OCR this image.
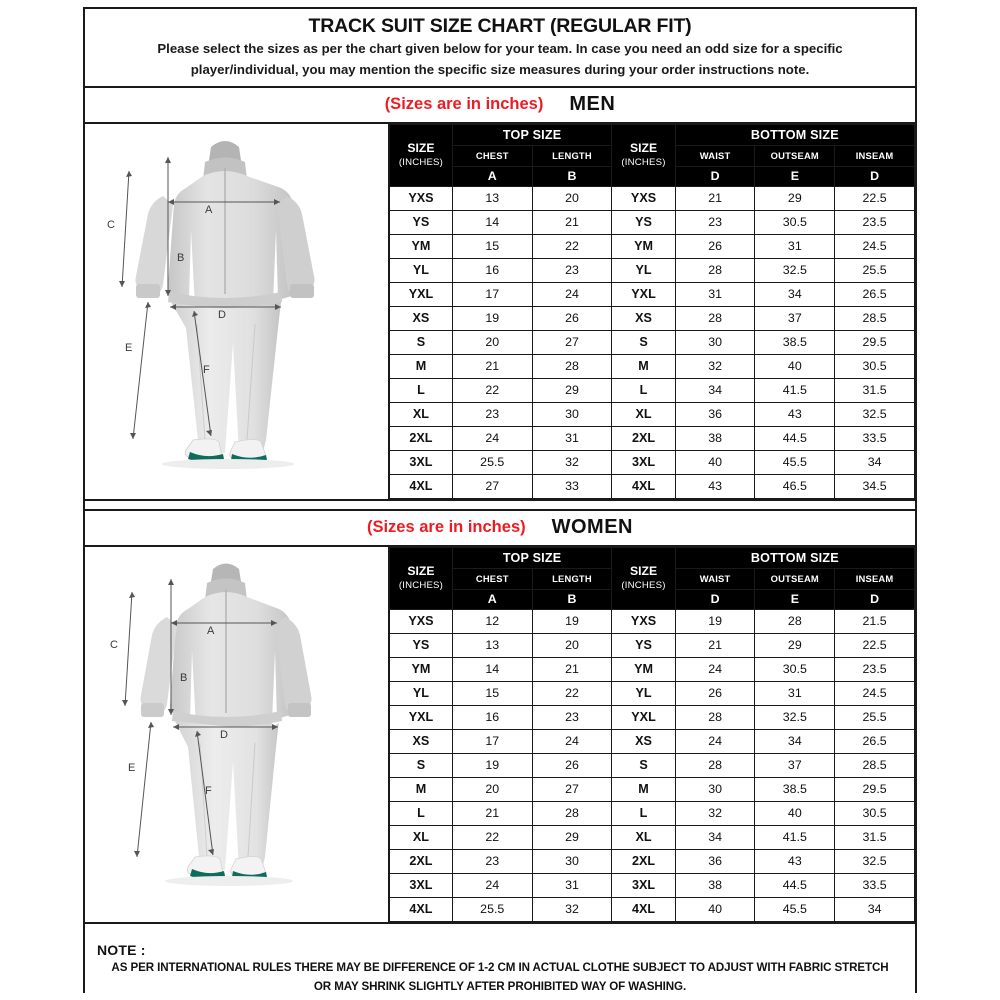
TRACK SUIT SIZE CHART (REGULAR FIT)
Please select the sizes as per the chart given below for your team. In case you need an odd size for a specific
player/individual, you may mention the specific size measures during your order instructions note.
(Sizes are in inches) MEN
A
B
C
D
E
F
SIZE
(INCHES)	TOP SIZE		SIZE
(INCHES)	BOTTOM SIZE		
	CHEST	LENGTH		WAIST	OUTSEAM	INSEAM
	A	B		D	E	D
YXS	13	20	YXS	21	29	22.5
YS	14	21	YS	23	30.5	23.5
YM	15	22	YM	26	31	24.5
YL	16	23	YL	28	32.5	25.5
YXL	17	24	YXL	31	34	26.5
XS	19	26	XS	28	37	28.5
S	20	27	S	30	38.5	29.5
M	21	28	M	32	40	30.5
L	22	29	L	34	41.5	31.5
XL	23	30	XL	36	43	32.5
2XL	24	31	2XL	38	44.5	33.5
3XL	25.5	32	3XL	40	45.5	34
4XL	27	33	4XL	43	46.5	34.5
(Sizes are in inches) WOMEN
A
B
C
D
E
F
SIZE
(INCHES)	TOP SIZE		SIZE
(INCHES)	BOTTOM SIZE		
	CHEST	LENGTH		WAIST	OUTSEAM	INSEAM
	A	B		D	E	D
YXS	12	19	YXS	19	28	21.5
YS	13	20	YS	21	29	22.5
YM	14	21	YM	24	30.5	23.5
YL	15	22	YL	26	31	24.5
YXL	16	23	YXL	28	32.5	25.5
XS	17	24	XS	24	34	26.5
S	19	26	S	28	37	28.5
M	20	27	M	30	38.5	29.5
L	21	28	L	32	40	30.5
XL	22	29	XL	34	41.5	31.5
2XL	23	30	2XL	36	43	32.5
3XL	24	31	3XL	38	44.5	33.5
4XL	25.5	32	4XL	40	45.5	34
NOTE :
AS PER INTERNATIONAL RULES THERE MAY BE DIFFERENCE OF 1-2 CM IN ACTUAL CLOTHE SUBJECT TO ADJUST WITH FABRIC STRETCH
OR MAY SHRINK SLIGHTLY AFTER PROHIBITED WAY OF WASHING.
